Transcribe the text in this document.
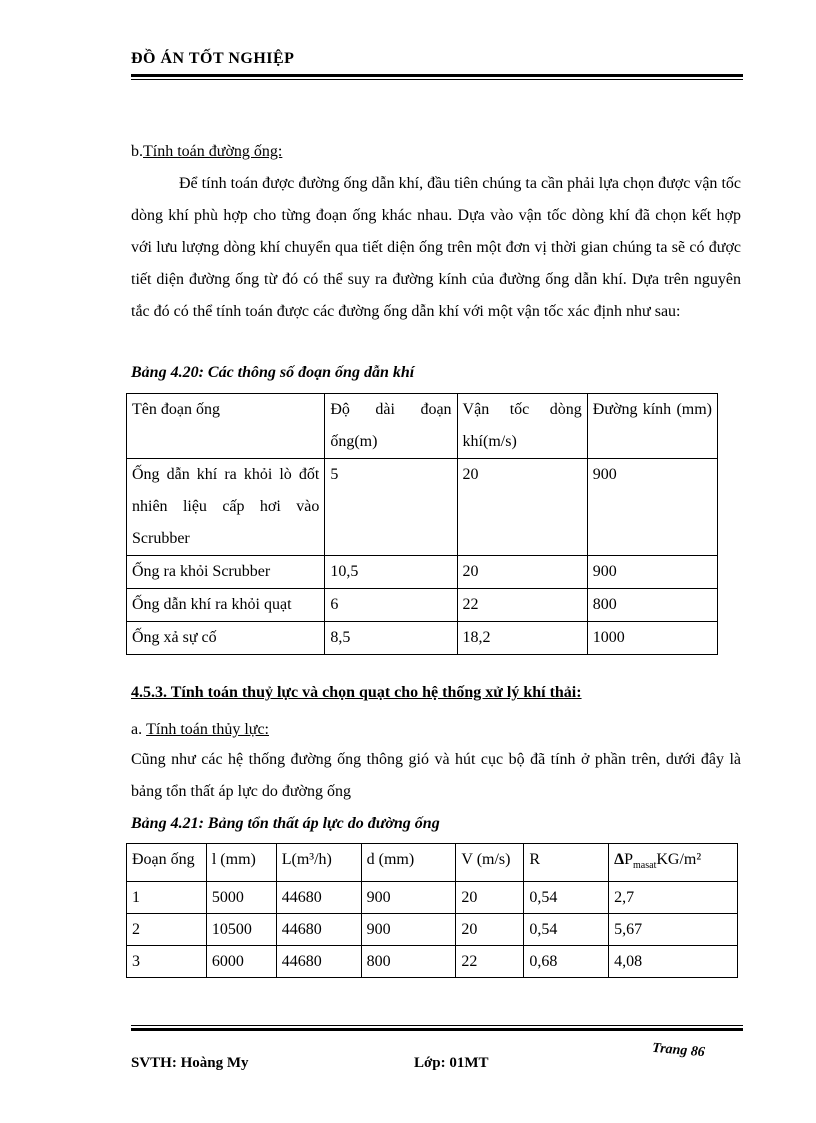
ĐỒ ÁN TỐT NGHIỆP
b.Tính toán đường ống:
Để tính toán được đường ống dẫn khí, đầu tiên chúng ta cần phải lựa chọn được vận tốc dòng khí phù hợp cho từng đoạn ống khác nhau. Dựa vào vận tốc dòng khí đã chọn kết hợp với lưu lượng dòng khí chuyển qua tiết diện ống trên một đơn vị thời gian chúng ta sẽ có được tiết diện đường ống từ đó có thể suy ra đường kính của đường ống dẫn khí. Dựa trên nguyên tắc đó có thể tính toán được các đường ống dẫn khí với một vận tốc xác định như sau:
Bảng 4.20: Các thông số đoạn ống dẫn khí
Tên đoạn ống	Độ dài đoạn ống(m)	Vận tốc dòng khí(m/s)	Đường kính (mm)
Ống dẫn khí ra khỏi lò đốt nhiên liệu cấp hơi vào Scrubber	5	20	900
Ống ra khỏi Scrubber	10,5	20	900
Ống dẫn khí ra khỏi quạt	6	22	800
Ống xả sự cố	8,5	18,2	1000
4.5.3. Tính toán thuỷ lực và chọn quạt cho hệ thống xử lý khí thải:
a. Tính toán thủy lực:
Cũng như các hệ thống đường ống thông gió và hút cục bộ đã tính ở phần trên, dưới đây là bảng tổn thất áp lực do đường ống
Bảng 4.21: Bảng tổn thất áp lực do đường ống
Đoạn ống	l (mm)	L(m³/h)	d (mm)	V (m/s)	R	$\Delta P_{masat}KG/m^2$
1	5000	44680	900	20	0,54	2,7
2	10500	44680	900	20	0,54	5,67
3	6000	44680	800	22	0,68	4,08
SVTH: Hoàng My	Lớp: 01MT
Trang 86
